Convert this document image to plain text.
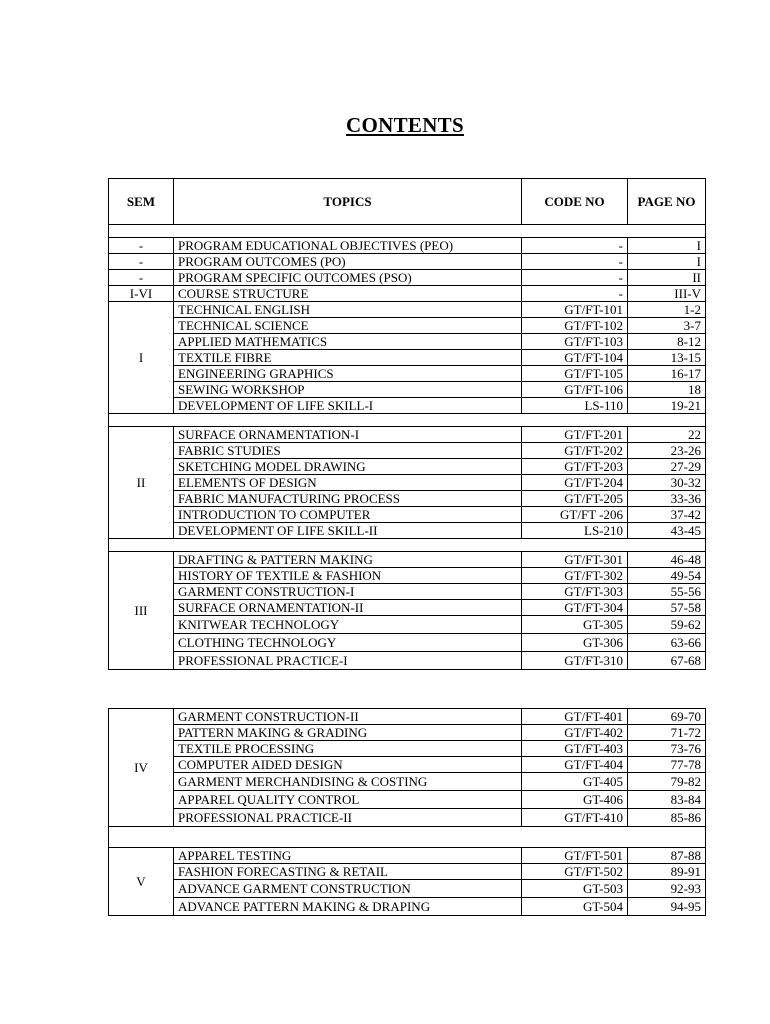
CONTENTS
SEM	TOPICS	CODE NO	PAGE NO

-	PROGRAM EDUCATIONAL OBJECTIVES (PEO)	-	I
-	PROGRAM OUTCOMES (PO)	-	I
-	PROGRAM SPECIFIC OUTCOMES (PSO)	-	II
I-VI	COURSE STRUCTURE	-	III-V
I	TECHNICAL ENGLISH	GT/FT-101	1-2
	TECHNICAL SCIENCE	GT/FT-102	3-7
	APPLIED MATHEMATICS	GT/FT-103	8-12
	TEXTILE FIBRE	GT/FT-104	13-15
	ENGINEERING GRAPHICS	GT/FT-105	16-17
	SEWING WORKSHOP	GT/FT-106	18
	DEVELOPMENT OF LIFE SKILL-I	LS-110	19-21

II	SURFACE ORNAMENTATION-I	GT/FT-201	22
	FABRIC STUDIES	GT/FT-202	23-26
	SKETCHING MODEL DRAWING	GT/FT-203	27-29
	ELEMENTS OF DESIGN	GT/FT-204	30-32
	FABRIC MANUFACTURING PROCESS	GT/FT-205	33-36
	INTRODUCTION TO COMPUTER	GT/FT -206	37-42
	DEVELOPMENT OF LIFE SKILL-II	LS-210	43-45

III	DRAFTING & PATTERN MAKING	GT/FT-301	46-48
	HISTORY OF TEXTILE & FASHION	GT/FT-302	49-54
	GARMENT CONSTRUCTION-I	GT/FT-303	55-56
	SURFACE ORNAMENTATION-II	GT/FT-304	57-58
	KNITWEAR TECHNOLOGY	GT-305	59-62
	CLOTHING TECHNOLOGY	GT-306	63-66
	PROFESSIONAL PRACTICE-I	GT/FT-310	67-68
IV	GARMENT CONSTRUCTION-II	GT/FT-401	69-70
	PATTERN MAKING & GRADING	GT/FT-402	71-72
	TEXTILE PROCESSING	GT/FT-403	73-76
	COMPUTER AIDED DESIGN	GT/FT-404	77-78
	GARMENT MERCHANDISING & COSTING	GT-405	79-82
	APPAREL QUALITY CONTROL	GT-406	83-84
	PROFESSIONAL PRACTICE-II	GT/FT-410	85-86

V	APPAREL TESTING	GT/FT-501	87-88
	FASHION FORECASTING & RETAIL	GT/FT-502	89-91
	ADVANCE GARMENT CONSTRUCTION	GT-503	92-93
	ADVANCE PATTERN MAKING & DRAPING	GT-504	94-95
